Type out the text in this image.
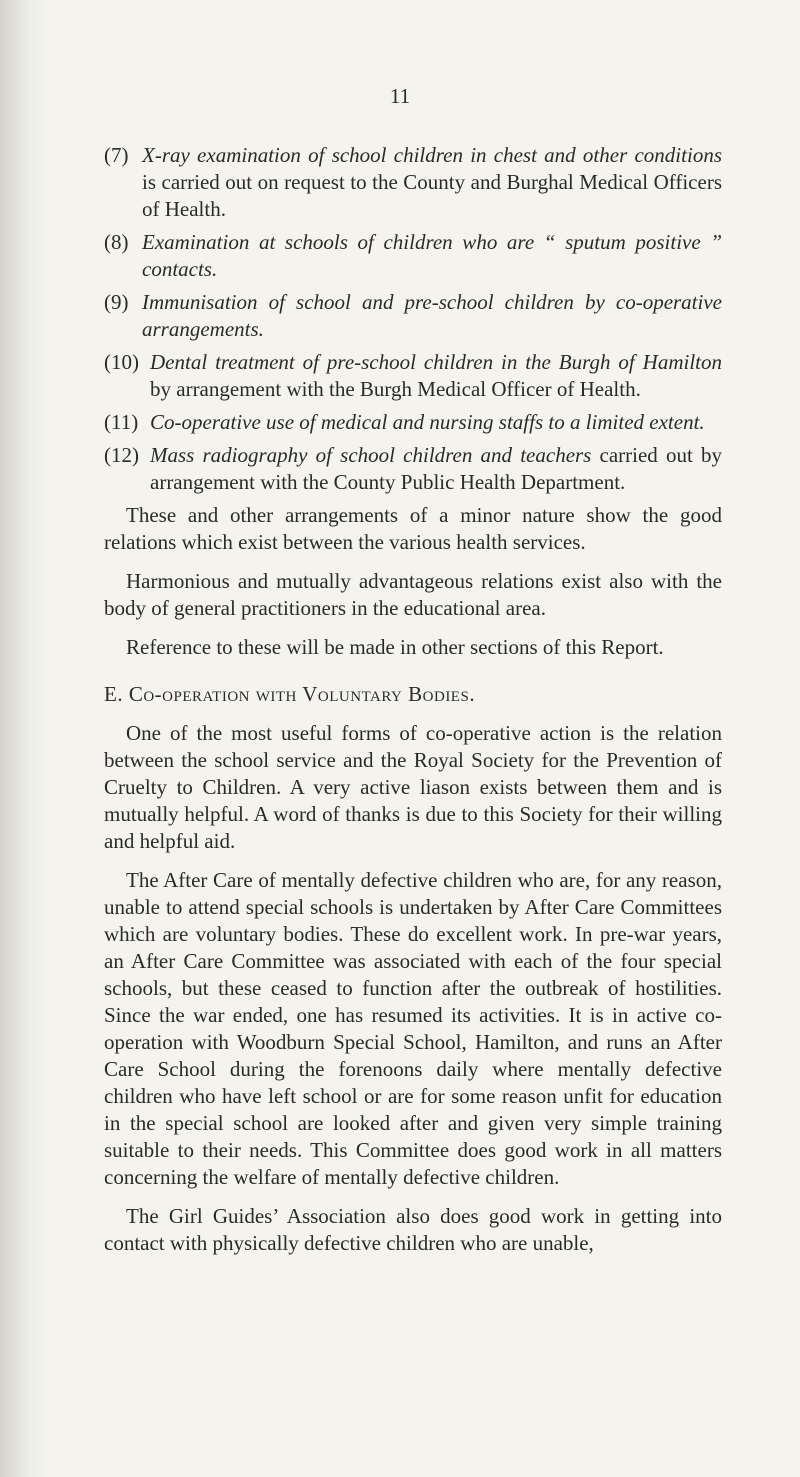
11
(7) X-ray examination of school children in chest and other conditions is carried out on request to the County and Burghal Medical Officers of Health.
(8) Examination at schools of children who are “ sputum positive ” contacts.
(9) Immunisation of school and pre-school children by co-operative arrangements.
(10) Dental treatment of pre-school children in the Burgh of Hamilton by arrangement with the Burgh Medical Officer of Health.
(11) Co-operative use of medical and nursing staffs to a limited extent.
(12) Mass radiography of school children and teachers carried out by arrangement with the County Public Health Department.

These and other arrangements of a minor nature show the good relations which exist between the various health services.

Harmonious and mutually advantageous relations exist also with the body of general practitioners in the educational area.

Reference to these will be made in other sections of this Report.

E. Co-operation with Voluntary Bodies.

One of the most useful forms of co-operative action is the relation between the school service and the Royal Society for the Prevention of Cruelty to Children. A very active liason exists between them and is mutually helpful. A word of thanks is due to this Society for their willing and helpful aid.

The After Care of mentally defective children who are, for any reason, unable to attend special schools is undertaken by After Care Committees which are voluntary bodies. These do excellent work. In pre-war years, an After Care Committee was associated with each of the four special schools, but these ceased to function after the outbreak of hostilities. Since the war ended, one has resumed its activities. It is in active co-operation with Woodburn Special School, Hamilton, and runs an After Care School during the forenoons daily where mentally defective children who have left school or are for some reason unfit for education in the special school are looked after and given very simple training suitable to their needs. This Committee does good work in all matters concerning the welfare of mentally defective children.

The Girl Guides’ Association also does good work in getting into contact with physically defective children who are unable,
